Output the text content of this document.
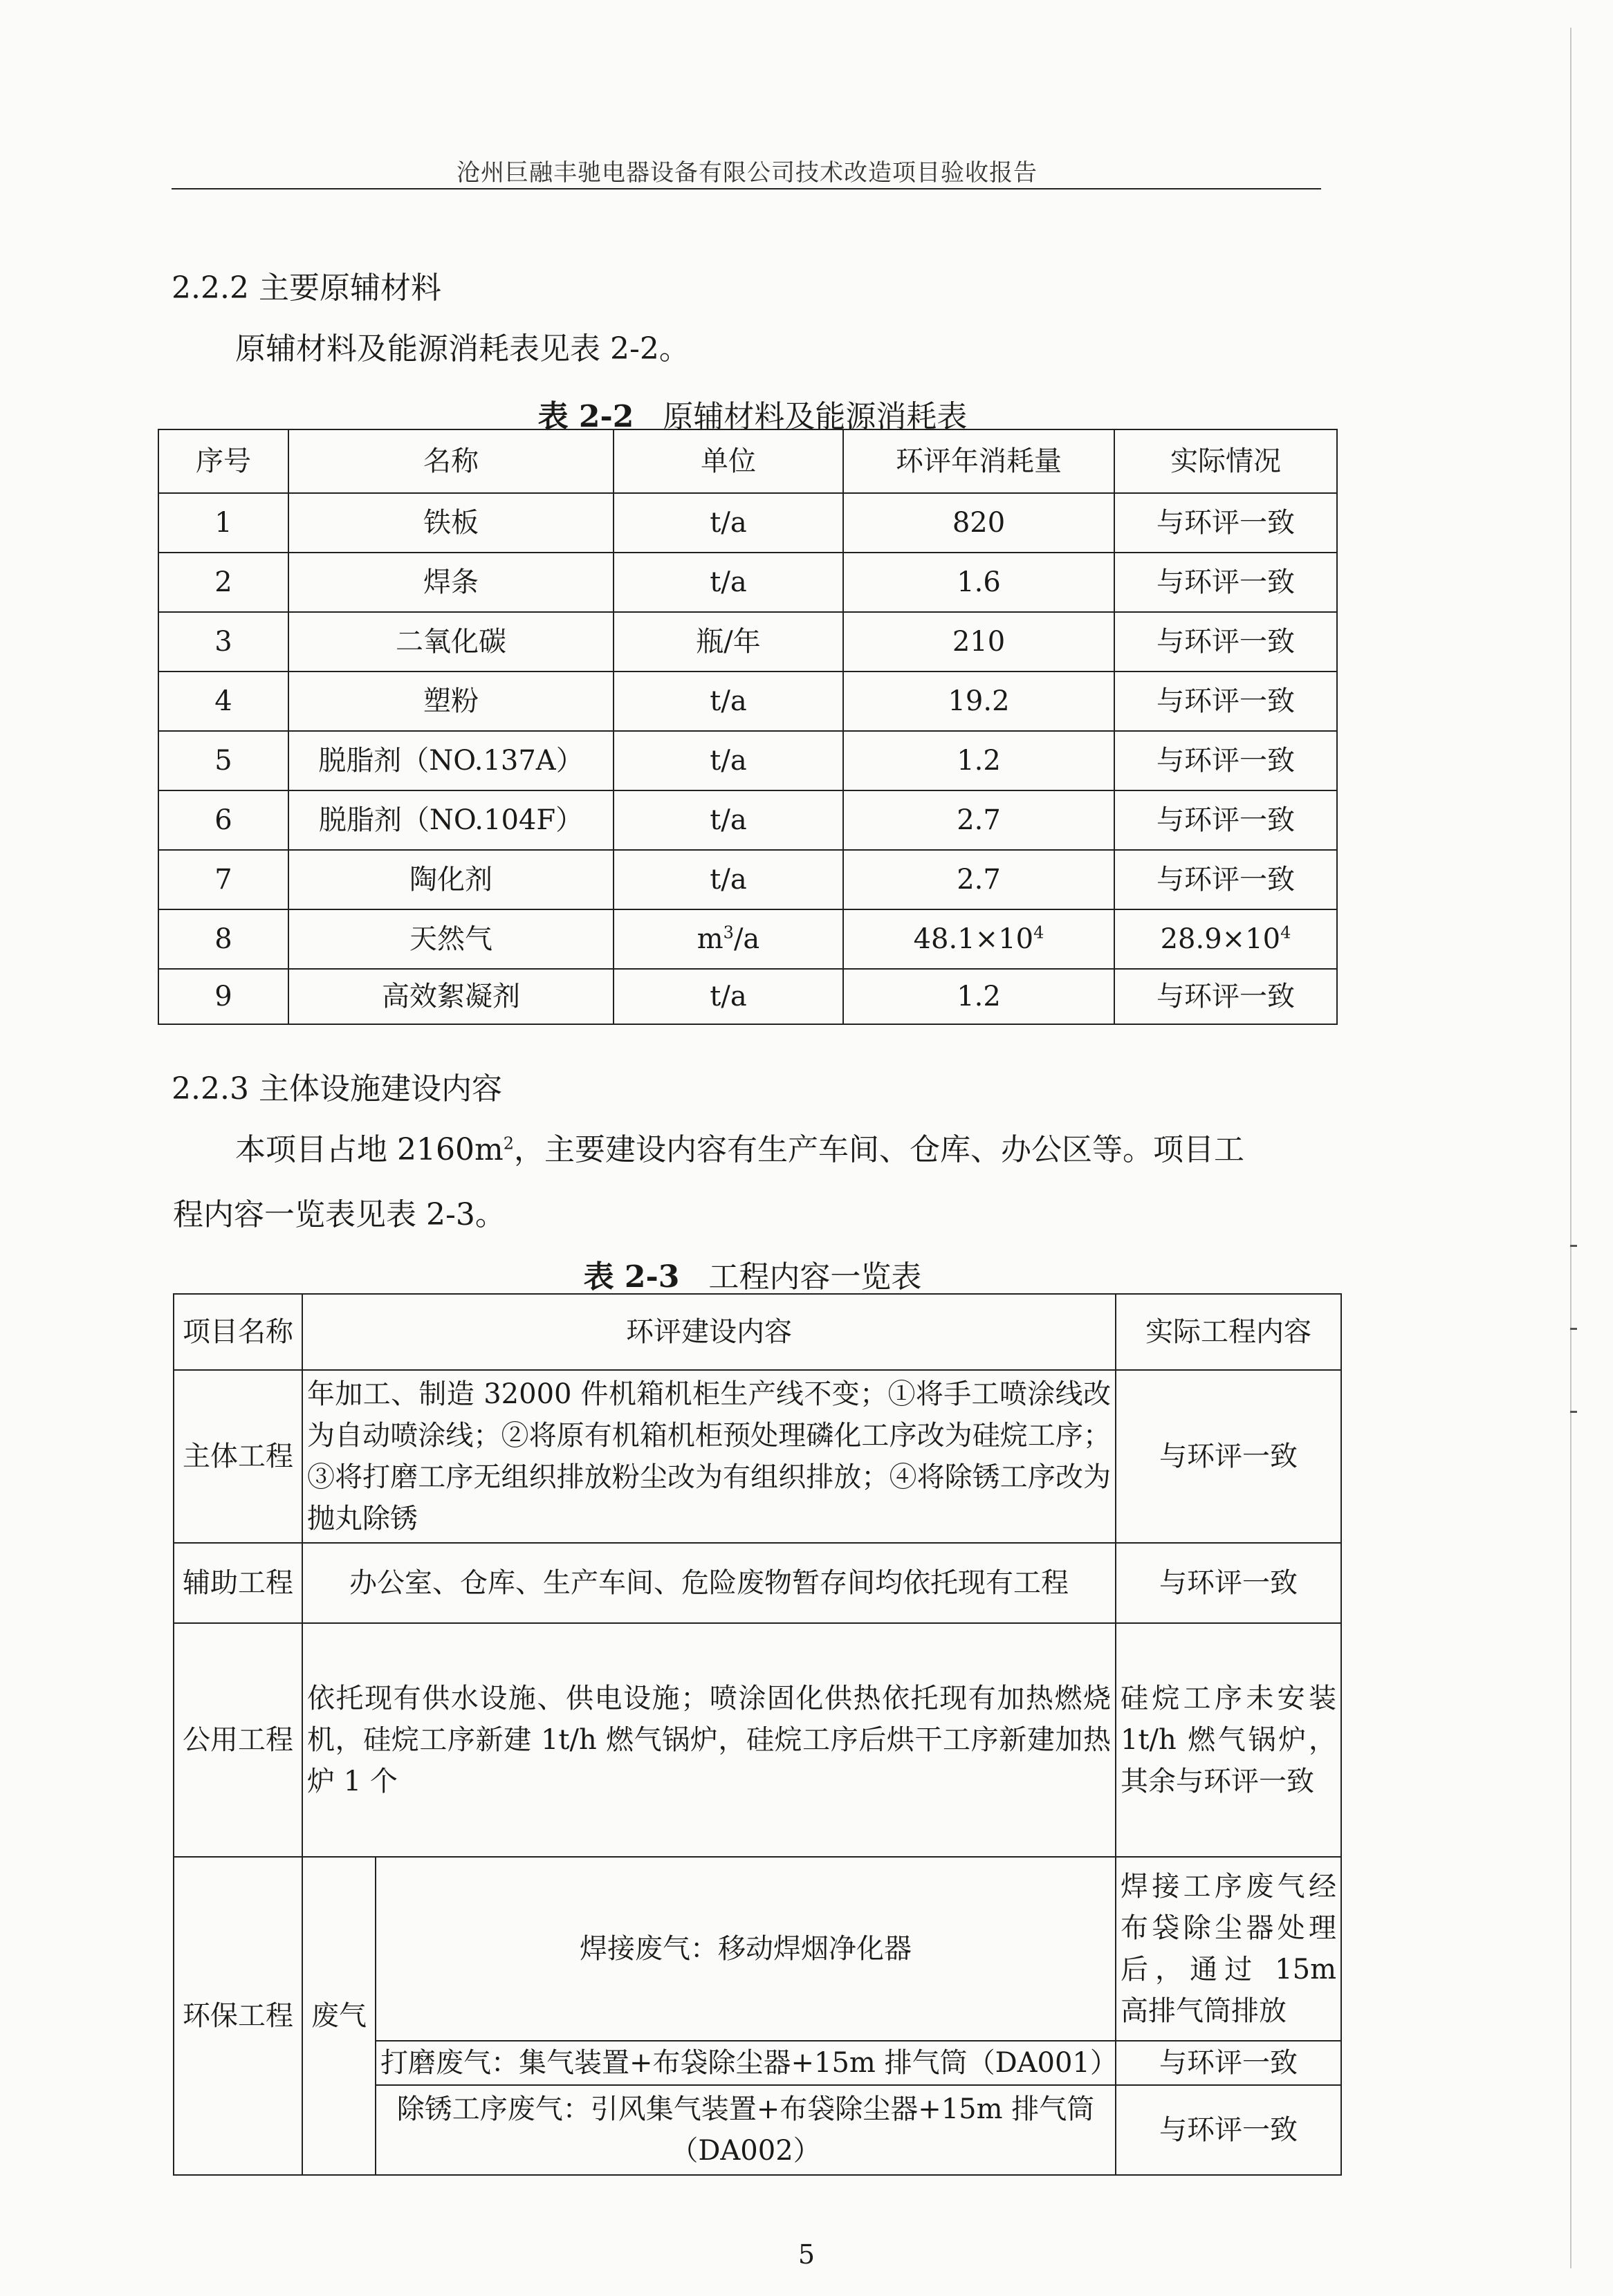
沧州巨融丰驰电器设备有限公司技术改造项目验收报告
2.2.2 主要原辅材料
原辅材料及能源消耗表见表 2-2。
表 2-2 原辅材料及能源消耗表
序号	名称	单位	环评年消耗量	实际情况
1	铁板	t/a	820	与环评一致
2	焊条	t/a	1.6	与环评一致
3	二氧化碳	瓶/年	210	与环评一致
4	塑粉	t/a	19.2	与环评一致
5	脱脂剂（NO.137A）	t/a	1.2	与环评一致
6	脱脂剂（NO.104F）	t/a	2.7	与环评一致
7	陶化剂	t/a	2.7	与环评一致
8	天然气	$m^3/a$	$48.1\times 10^4$	$28.9\times 10^4$
9	高效絮凝剂	t/a	1.2	与环评一致
2.2.3 主体设施建设内容
本项目占地 $2160m^2$，主要建设内容有生产车间、仓库、办公区等。项目工
程内容一览表见表 2-3。
表 2-3 工程内容一览表
项目名称	环评建设内容		实际工程内容
主体工程	年加工、制造 32000 件机箱机柜生产线不变；①将手工喷涂线改为自动喷涂线；②将原有机箱机柜预处理磷化工序改为硅烷工序；③将打磨工序无组织排放粉尘改为有组织排放；④将除锈工序改为抛丸除锈		与环评一致
辅助工程	办公室、仓库、生产车间、危险废物暂存间均依托现有工程		与环评一致
公用工程	依托现有供水设施、供电设施；喷涂固化供热依托现有加热燃烧机，硅烷工序新建 1t/h 燃气锅炉，硅烷工序后烘干工序新建加热炉 1 个		硅烷工序未安装 1t/h 燃气锅炉，其余与环评一致
环保工程	废气	焊接废气：移动焊烟净化器	焊接工序废气经布袋除尘器处理后，通过 15m 高排气筒排放
		打磨废气：集气装置+布袋除尘器+15m 排气筒（DA001）	与环评一致
		除锈工序废气：引风集气装置+布袋除尘器+15m 排气筒（DA002）	与环评一致
5
